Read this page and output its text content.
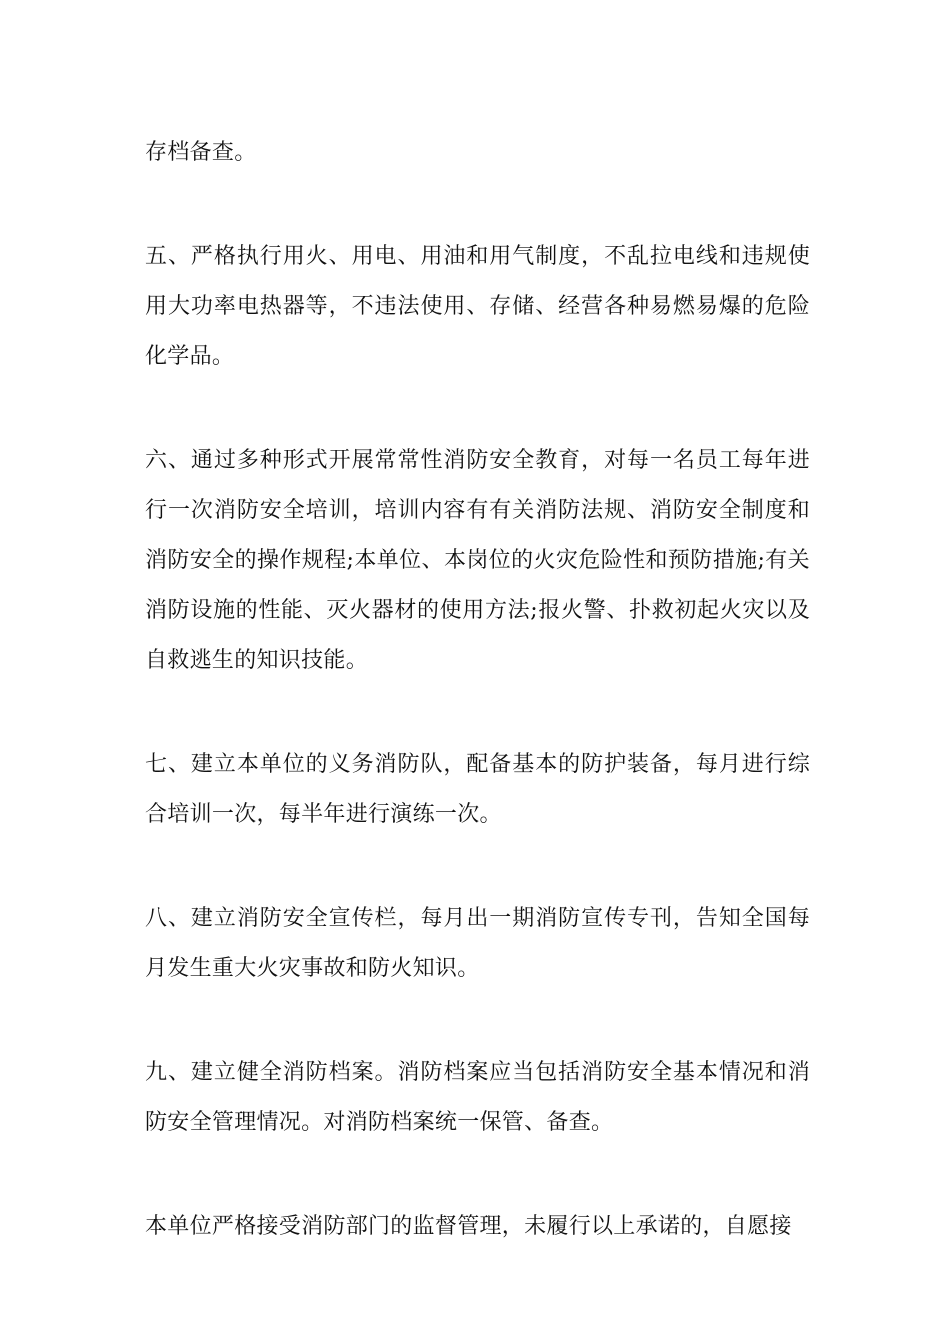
存档备查。

五、严格执行用火、用电、用油和用气制度，不乱拉电线和违规使用大功率电热器等，不违法使用、存储、经营各种易燃易爆的危险化学品。

六、通过多种形式开展常常性消防安全教育，对每一名员工每年进行一次消防安全培训，培训内容有有关消防法规、消防安全制度和消防安全的操作规程;本单位、本岗位的火灾危险性和预防措施;有关消防设施的性能、灭火器材的使用方法;报火警、扑救初起火灾以及自救逃生的知识技能。

七、建立本单位的义务消防队，配备基本的防护装备，每月进行综合培训一次，每半年进行演练一次。

八、建立消防安全宣传栏，每月出一期消防宣传专刊，告知全国每月发生重大火灾事故和防火知识。

九、建立健全消防档案。消防档案应当包括消防安全基本情况和消防安全管理情况。对消防档案统一保管、备查。

本单位严格接受消防部门的监督管理，未履行以上承诺的，自愿接
